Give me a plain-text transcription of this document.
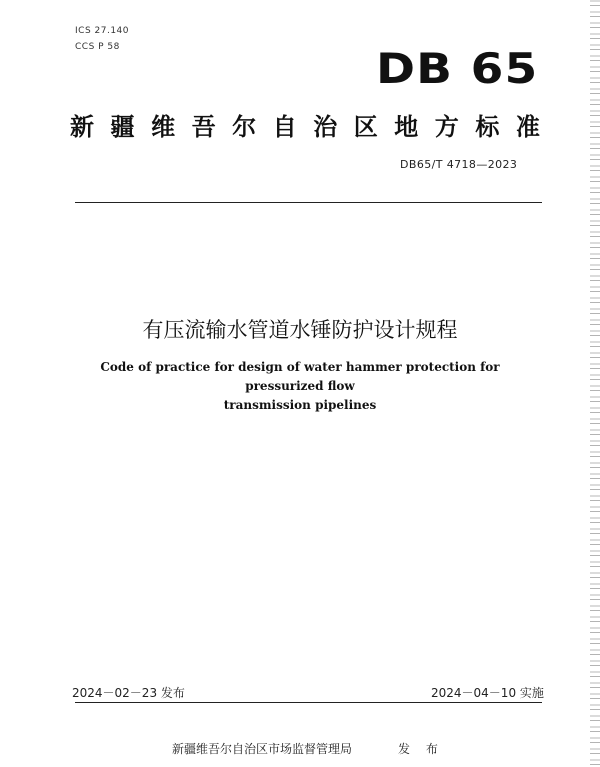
ICS 27.140
CCS P 58	DB 65
新 疆 维 吾 尔 自 治 区 地 方 标 准
DB65/T 4718—2023
有压流输水管道水锤防护设计规程
Code of practice for design of water hammer protection for pressurized flow
transmission pipelines
2024－02－23 发布	2024－04－10 实施
新疆维吾尔自治区市场监督管理局	发 布
